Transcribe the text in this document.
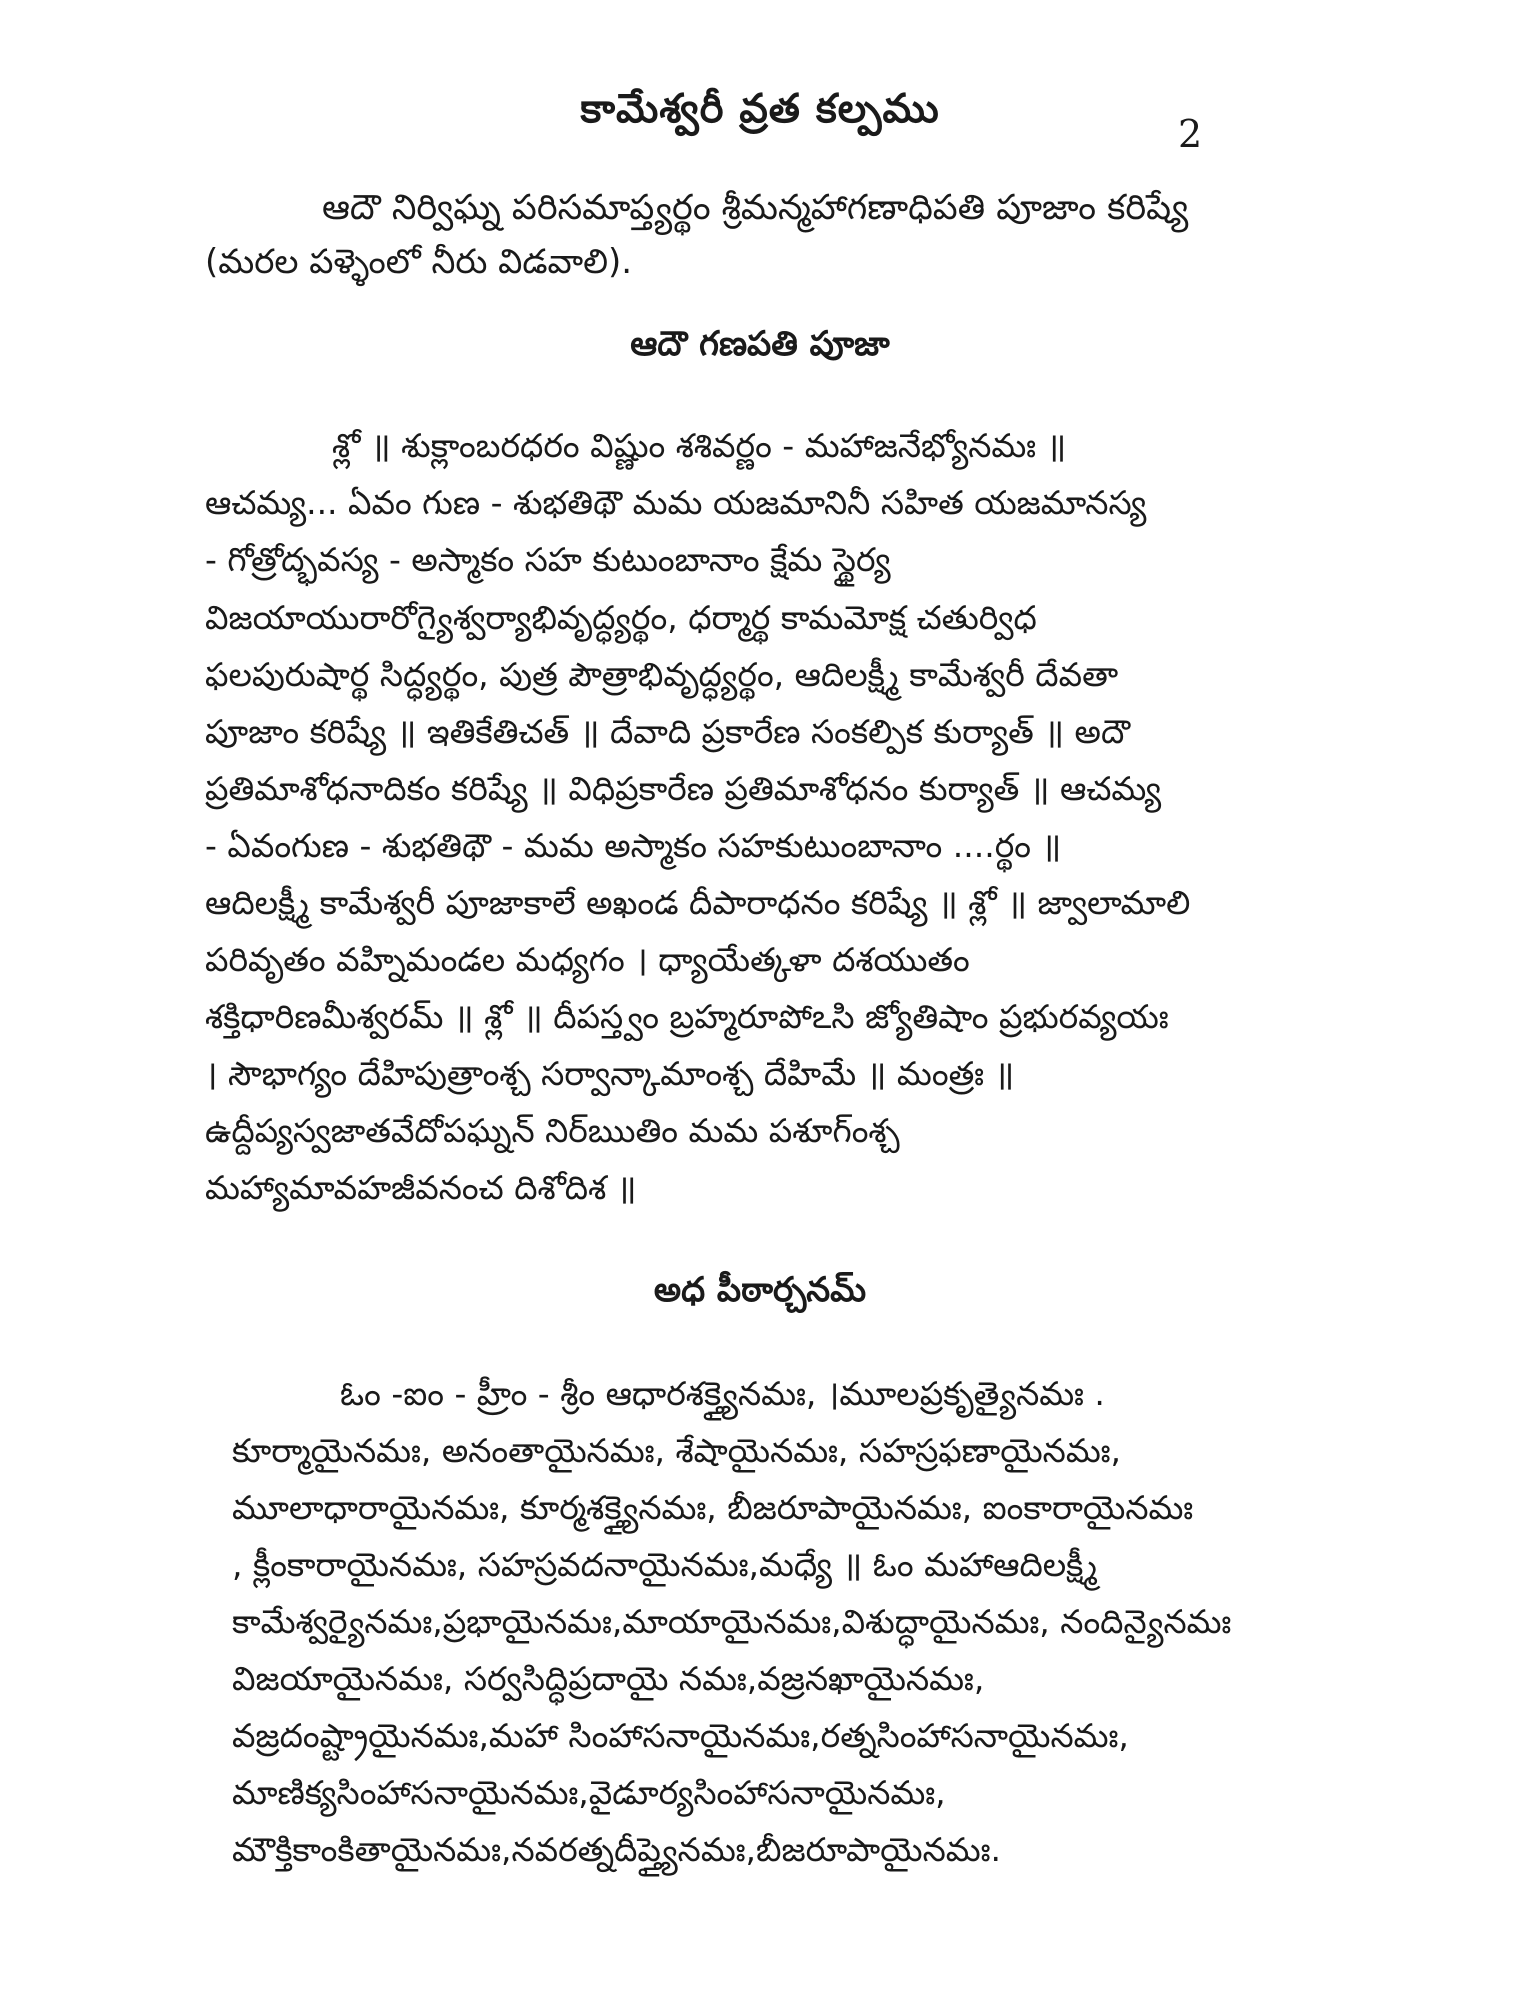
కామేశ్వరీ వ్రత కల్పము
2
ఆదౌ నిర్విఘ్న పరిసమాప్త్యర్థం శ్రీమన్మహాగణాధిపతి పూజాం కరిష్యే
(మరల పళ్ళెంలో నీరు విడవాలి).
ఆదౌ గణపతి పూజా
శ్లో ॥ శుక్లాంబరధరం విష్ణుం శశివర్ణం - మహాజనేభ్యోనమః ॥
ఆచమ్య... ఏవం గుణ - శుభతిథౌ మమ యజమానినీ సహిత యజమానస్య
- గోత్రోద్భవస్య - అస్మాకం సహ కుటుంబానాం క్షేమ స్థైర్య
విజయాయురారోగ్యైశ్వర్యాభివృద్ధ్యర్థం, ధర్మార్థ కామమోక్ష చతుర్విధ
ఫలపురుషార్థ సిద్ధ్యర్థం, పుత్ర పౌత్రాభివృద్ధ్యర్థం, ఆదిలక్ష్మీ కామేశ్వరీ దేవతా
పూజాం కరిష్యే ॥ ఇతికేతిచత్ ॥ దేవాది ప్రకారేణ సంకల్పిక కుర్యాత్ ॥ అదౌ
ప్రతిమాశోధనాదికం కరిష్యే ॥ విధిప్రకారేణ ప్రతిమాశోధనం కుర్యాత్ ॥ ఆచమ్య
- ఏవంగుణ - శుభతిథౌ - మమ అస్మాకం సహకుటుంబానాం ....ర్థం ॥
ఆదిలక్ష్మీ కామేశ్వరీ పూజాకాలే అఖండ దీపారాధనం కరిష్యే ॥ శ్లో ॥ జ్వాలామాలి
పరివృతం వహ్నిమండల మధ్యగం । ధ్యాయేత్కళా దశయుతం
శక్తిధారిణమీశ్వరమ్ ॥ శ్లో ॥ దీపస్త్వం బ్రహ్మరూపోఽసి జ్యోతిషాం ప్రభురవ్యయః
। సౌభాగ్యం దేహిపుత్రాంశ్చ సర్వాన్కామాంశ్చ దేహిమే ॥ మంత్రః ॥
ఉద్దీప్యస్వజాతవేదోపఘ్నన్ నిర్‌ఋతిం మమ పశూగ్ంశ్చ
మహ్యామావహజీవనంచ దిశోదిశ ॥
అధ పీఠార్చనమ్
ఓం -ఐం - హ్రీం - శ్రీం ఆధారశక్త్యైనమః, ।మూలప్రకృత్యైనమః .
కూర్మాయైనమః, అనంతాయైనమః, శేషాయైనమః, సహస్రఫణాయైనమః,
మూలాధారాయైనమః, కూర్మశక్త్యైనమః, బీజరూపాయైనమః, ఐంకారాయైనమః
, క్లీంకారాయైనమః, సహస్రవదనాయైనమః,మధ్యే ॥ ఓం మహాఆదిలక్ష్మీ
కామేశ్వర్యైనమః,ప్రభాయైనమః,మాయాయైనమః,విశుద్ధాయైనమః, నందిన్యైనమః
విజయాయైనమః, సర్వసిద్ధిప్రదాయై నమః,వజ్రనఖాయైనమః,
వజ్రదంష్ట్రాయైనమః,మహా సింహాసనాయైనమః,రత్నసింహాసనాయైనమః,
మాణిక్యసింహాసనాయైనమః,వైడూర్యసింహాసనాయైనమః,
మౌక్తికాంకితాయైనమః,నవరత్నదీప్త్యైనమః,బీజరూపాయైనమః.
